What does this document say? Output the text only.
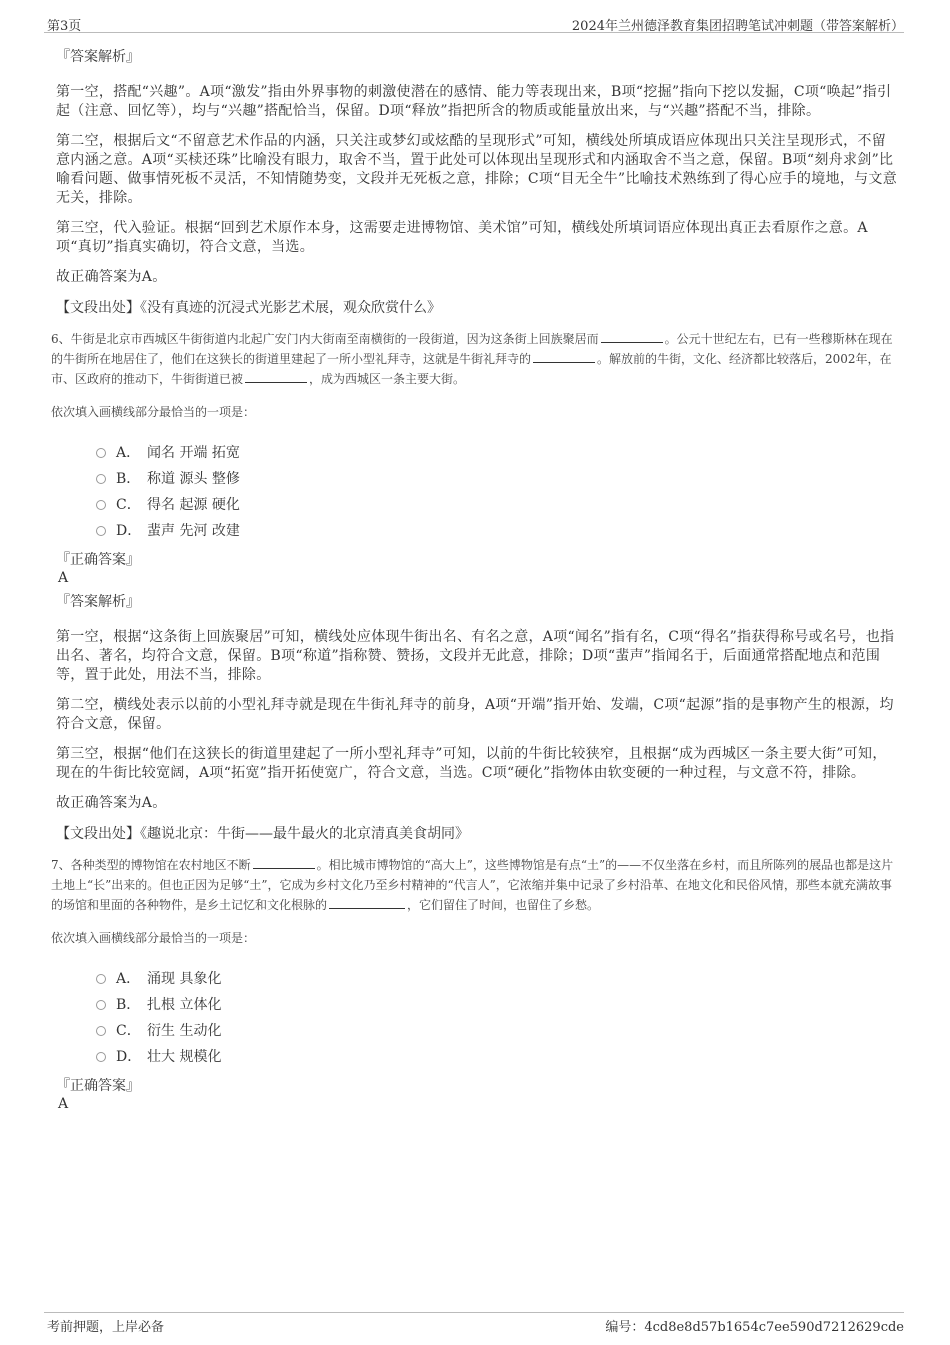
第3页	2024年兰州德泽教育集团招聘笔试冲刺题（带答案解析）
『答案解析』

第一空，搭配“兴趣”。A项“激发”指由外界事物的刺激使潜在的感情、能力等表现出来，B项“挖掘”指向下挖以发掘，C项“唤起”指引起（注意、回忆等），均与“兴趣”搭配恰当，保留。D项“释放”指把所含的物质或能量放出来，与“兴趣”搭配不当，排除。

第二空，根据后文“不留意艺术作品的内涵，只关注或梦幻或炫酷的呈现形式”可知，横线处所填成语应体现出只关注呈现形式，不留意内涵之意。A项“买椟还珠”比喻没有眼力，取舍不当，置于此处可以体现出呈现形式和内涵取舍不当之意，保留。B项“刻舟求剑”比喻看问题、做事情死板不灵活，不知情随势变，文段并无死板之意，排除；C项“目无全牛”比喻技术熟练到了得心应手的境地，与文意无关，排除。

第三空，代入验证。根据“回到艺术原作本身，这需要走进博物馆、美术馆”可知，横线处所填词语应体现出真正去看原作之意。A项“真切”指真实确切，符合文意，当选。

故正确答案为A。

【文段出处】《没有真迹的沉浸式光影艺术展，观众欣赏什么》
6、牛街是北京市西城区牛街街道内北起广安门内大街南至南横街的一段街道，因为这条街上回族聚居而	。公元十世纪左右，已有一些穆斯林在现在的牛街所在地居住了，他们在这狭长的街道里建起了一所小型礼拜寺，这就是牛街礼拜寺的	。解放前的牛街，文化、经济都比较落后，2002年，在市、区政府的推动下，牛街街道已被	，成为西城区一条主要大街。
依次填入画横线部分最恰当的一项是：
A． 闻名 开端 拓宽
B． 称道 源头 整修
C． 得名 起源 硬化
D． 蜚声 先河 改建
『正确答案』
A
『答案解析』

第一空，根据“这条街上回族聚居”可知，横线处应体现牛街出名、有名之意，A项“闻名”指有名，C项“得名”指获得称号或名号，也指出名、著名，均符合文意，保留。B项“称道”指称赞、赞扬，文段并无此意，排除；D项“蜚声”指闻名于，后面通常搭配地点和范围等，置于此处，用法不当，排除。

第二空，横线处表示以前的小型礼拜寺就是现在牛街礼拜寺的前身，A项“开端”指开始、发端，C项“起源”指的是事物产生的根源，均符合文意，保留。

第三空，根据“他们在这狭长的街道里建起了一所小型礼拜寺”可知，以前的牛街比较狭窄，且根据“成为西城区一条主要大街”可知，现在的牛街比较宽阔，A项“拓宽”指开拓使宽广，符合文意，当选。C项“硬化”指物体由软变硬的一种过程，与文意不符，排除。

故正确答案为A。

【文段出处】《趣说北京：牛街——最牛最火的北京清真美食胡同》
7、各种类型的博物馆在农村地区不断	。相比城市博物馆的“高大上”，这些博物馆是有点“土”的——不仅坐落在乡村，而且所陈列的展品也都是这片土地上“长”出来的。但也正因为足够“土”，它成为乡村文化乃至乡村精神的“代言人”，它浓缩并集中记录了乡村沿革、在地文化和民俗风情，那些本就充满故事的场馆和里面的各种物件，是乡土记忆和文化根脉的	，它们留住了时间，也留住了乡愁。
依次填入画横线部分最恰当的一项是：
A． 涌现 具象化
B． 扎根 立体化
C． 衍生 生动化
D． 壮大 规模化
『正确答案』
A
考前押题，上岸必备	编号：4cd8e8d57b1654c7ee590d7212629cde
